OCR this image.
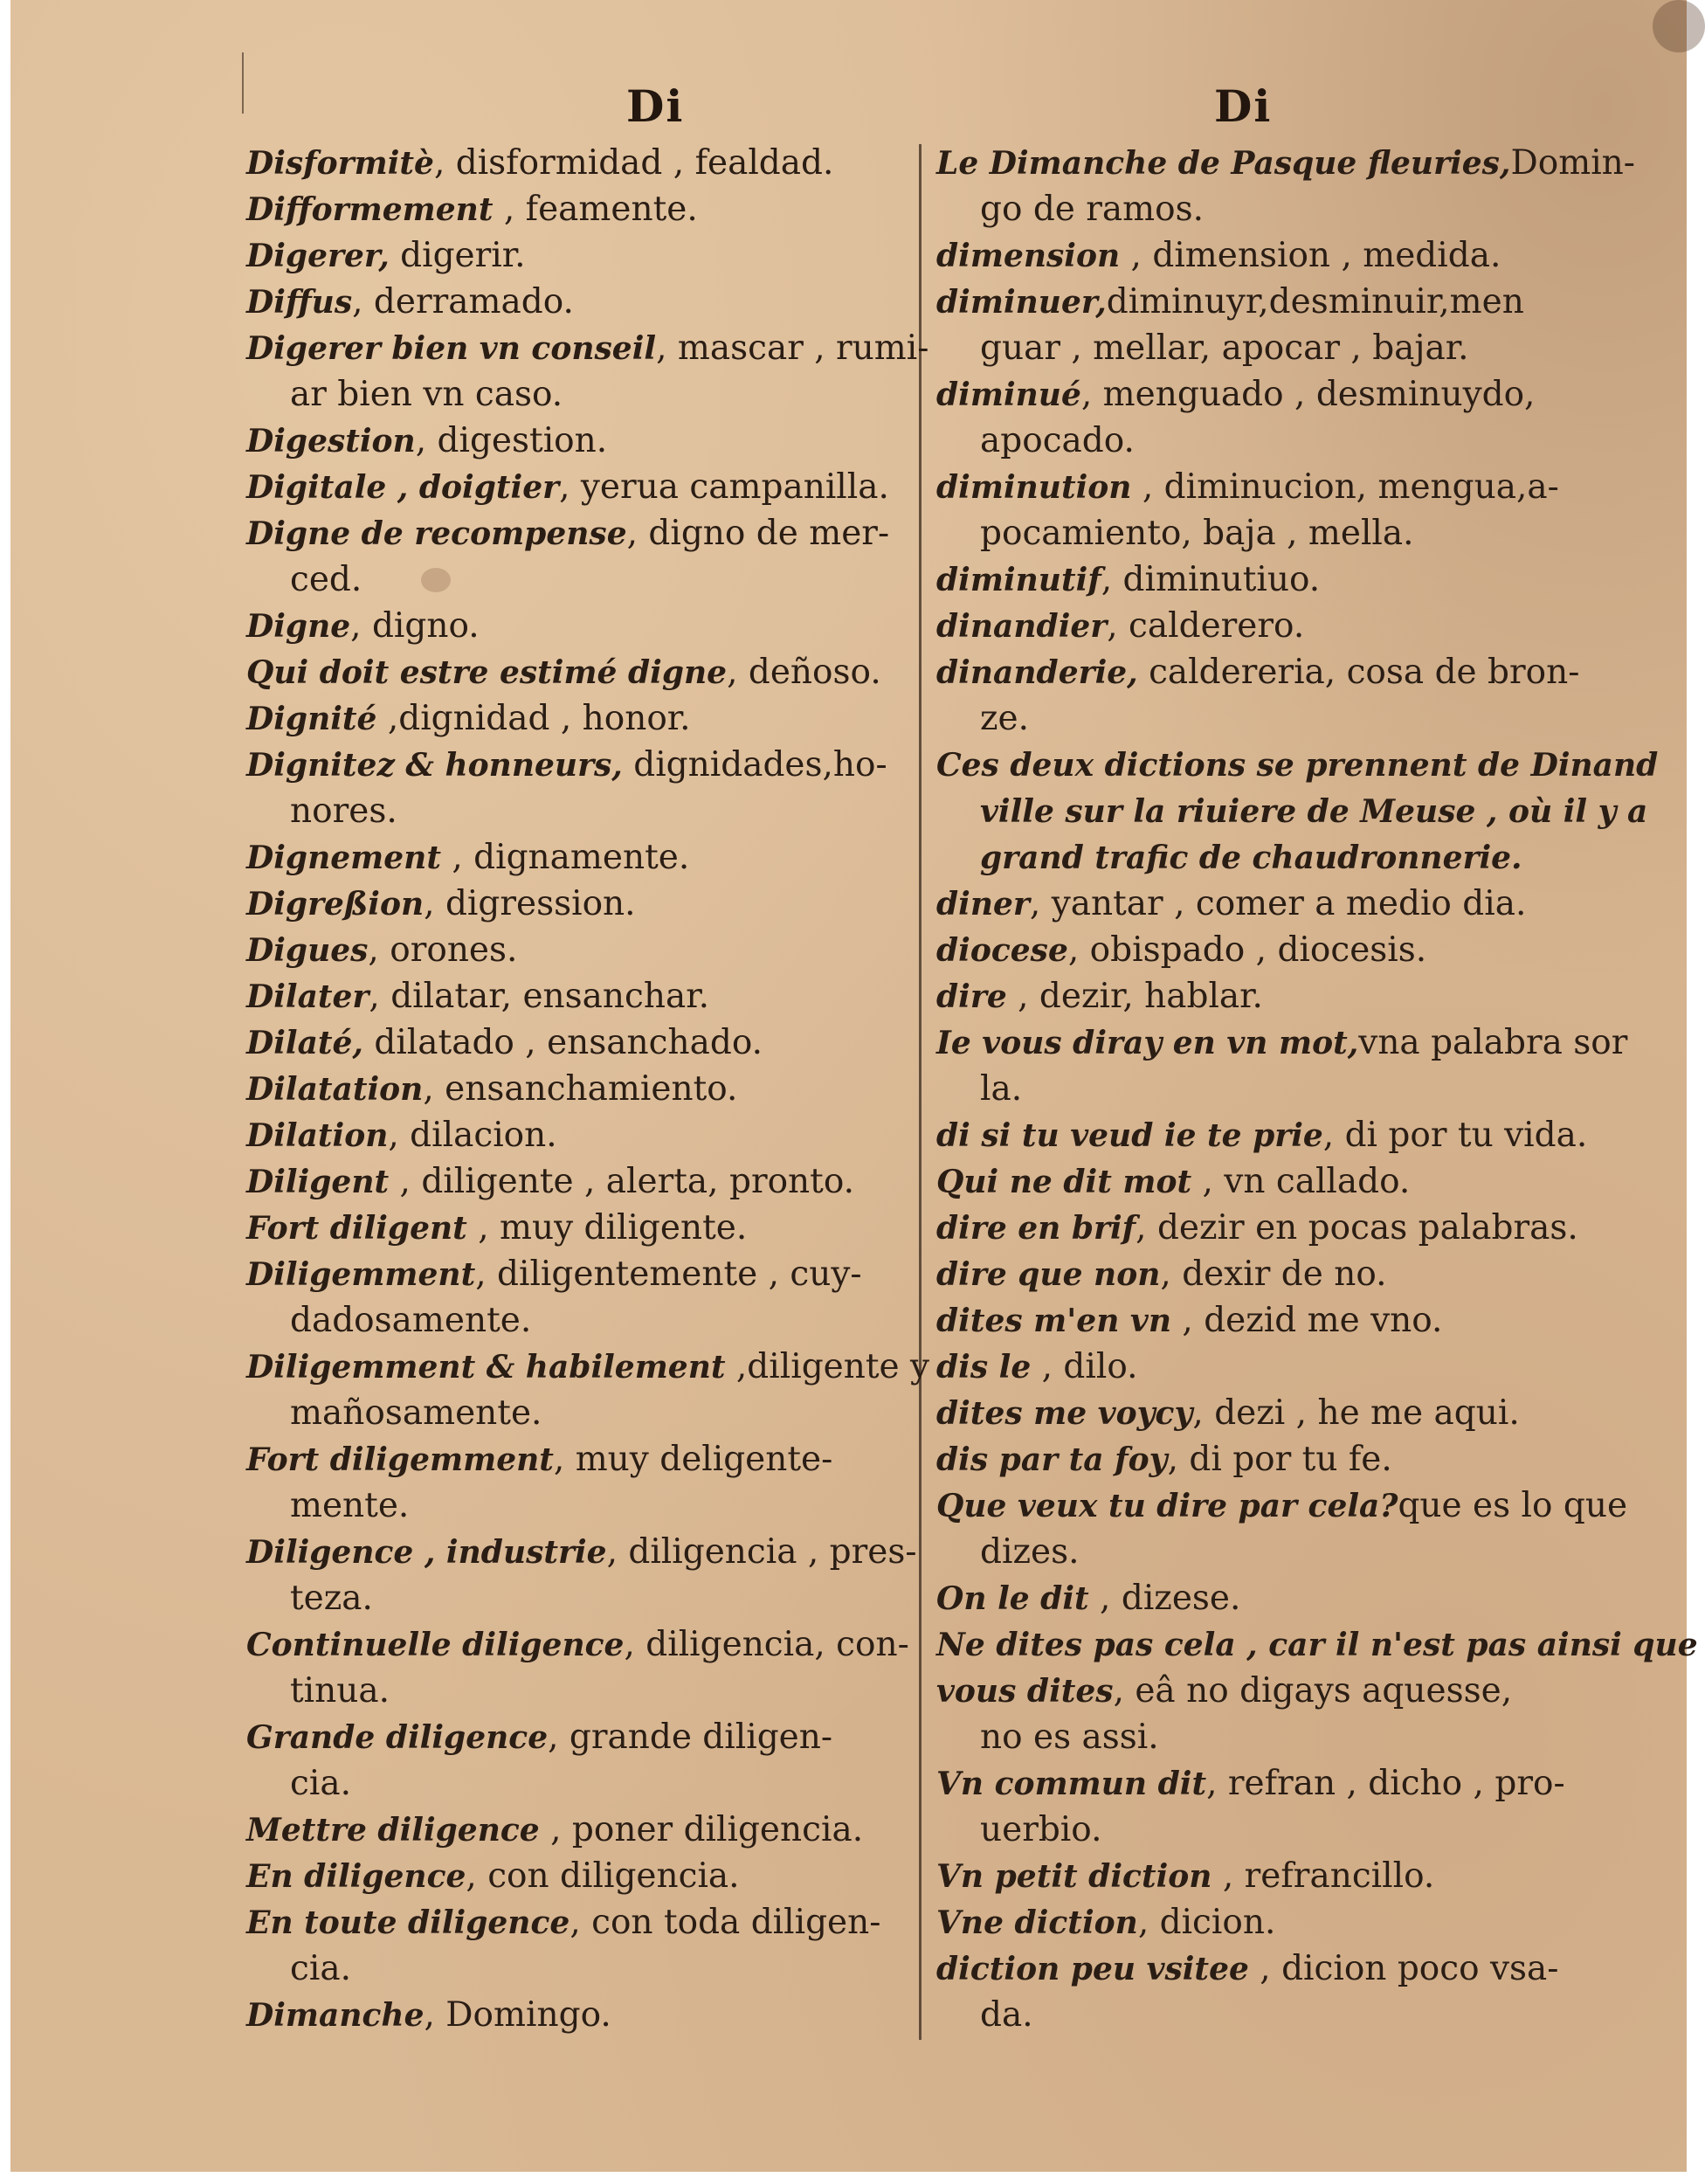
Di	Di
Disformitè, disformidad , fealdad.
Difformement , feamente.
Digerer, digerir.
Diffus, derramado.
Digerer bien vn conseil, mascar , rumi-
ar bien vn caso.
Digestion, digestion.
Digitale , doigtier, yerua campanilla.
Digne de recompense, digno de mer-
ced.
Digne, digno.
Qui doit estre estimé digne, deñoso.
Dignité ,dignidad , honor.
Dignitez & honneurs, dignidades,ho-
nores.
Dignement , dignamente.
Digreßion, digression.
Digues, orones.
Dilater, dilatar, ensanchar.
Dilaté, dilatado , ensanchado.
Dilatation, ensanchamiento.
Dilation, dilacion.
Diligent , diligente , alerta, pronto.
Fort diligent , muy diligente.
Diligemment, diligentemente , cuy-
dadosamente.
Diligemment & habilement ,diligente y
mañosamente.
Fort diligemment, muy deligente-
mente.
Diligence , industrie, diligencia , pres-
teza.
Continuelle diligence, diligencia, con-
tinua.
Grande diligence, grande diligen-
cia.
Mettre diligence , poner diligencia.
En diligence, con diligencia.
En toute diligence, con toda diligen-
cia.
Dimanche, Domingo.
Le Dimanche de Pasque fleuries,Domin-
go de ramos.
dimension , dimension , medida.
diminuer,diminuyr,desminuir,men
guar , mellar, apocar , bajar.
diminué, menguado , desminuydo,
apocado.
diminution , diminucion, mengua,a-
pocamiento, baja , mella.
diminutif, diminutiuo.
dinandier, calderero.
dinanderie, caldereria, cosa de bron-
ze.
Ces deux dictions se prennent de Dinand
ville sur la riuiere de Meuse , où il y a
grand trafic de chaudronnerie.
diner, yantar , comer a medio dia.
diocese, obispado , diocesis.
dire , dezir, hablar.
Ie vous diray en vn mot,vna palabra sor
la.
di si tu veud ie te prie, di por tu vida.
Qui ne dit mot , vn callado.
dire en brif, dezir en pocas palabras.
dire que non, dexir de no.
dites m'en vn , dezid me vno.
dis le , dilo.
dites me voycy, dezi , he me aqui.
dis par ta foy, di por tu fe.
Que veux tu dire par cela?que es lo que
dizes.
On le dit , dizese.
Ne dites pas cela , car il n'est pas ainsi que
vous dites, eâ no digays aquesse,
no es assi.
Vn commun dit, refran , dicho , pro-
uerbio.
Vn petit diction , refrancillo.
Vne diction, dicion.
diction peu vsitee , dicion poco vsa-
da.
